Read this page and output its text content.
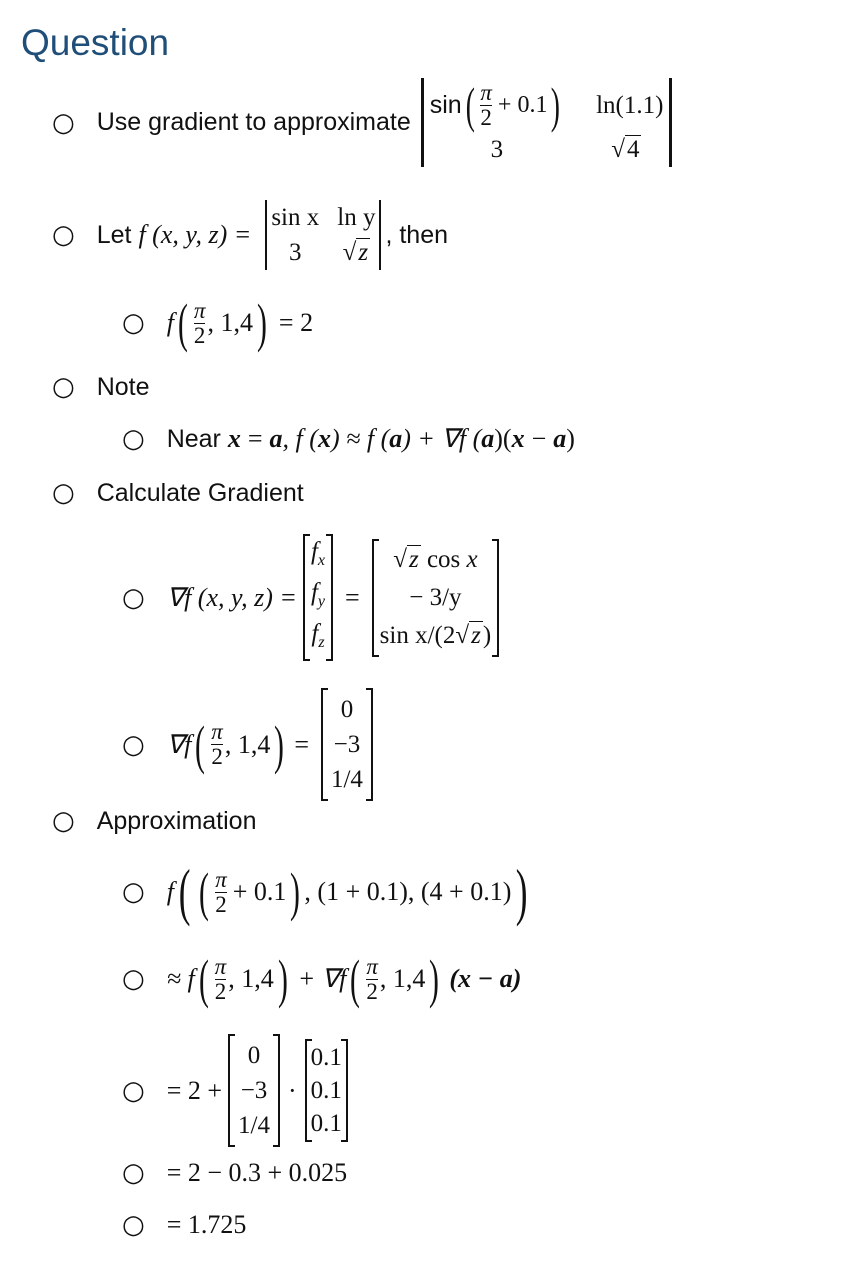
Question
○ Use gradient to approximate
sin ( $\frac{\pi}{2} + 0.1$ )	ln(1.1)
3	√4
○ Let f (x, y, z) =
sin x ln y
3	√z
, then
○ f ( $\frac{\pi}{2}$ , 1,4 ) = 2
○ Note
○ Near x = a , f ( x ) ≈ f ( a ) + ∇f ( a )( x − a )
○ Calculate Gradient
○ ∇f (x, y, z) =
$f_x$
$f_y$
$f_z$
=
√z cos x
− 3/y
sin x/(2√z)
○ ∇f ( $\frac{\pi}{2}$ , 1,4 ) =
0
−3
1/4
○ Approximation
○ f ( ( $\frac{\pi}{2} + 0.1$ ) , (1 + 0.1), (4 + 0.1) )
○ ≈ f ( $\frac{\pi}{2}$ , 1,4 ) + ∇f ( $\frac{\pi}{2}$ , 1,4 ) (x − a)
○ = 2 +
0
−3
1/4
·
0.1
0.1
0.1
○ = 2 − 0.3 + 0.025
○ = 1.725
